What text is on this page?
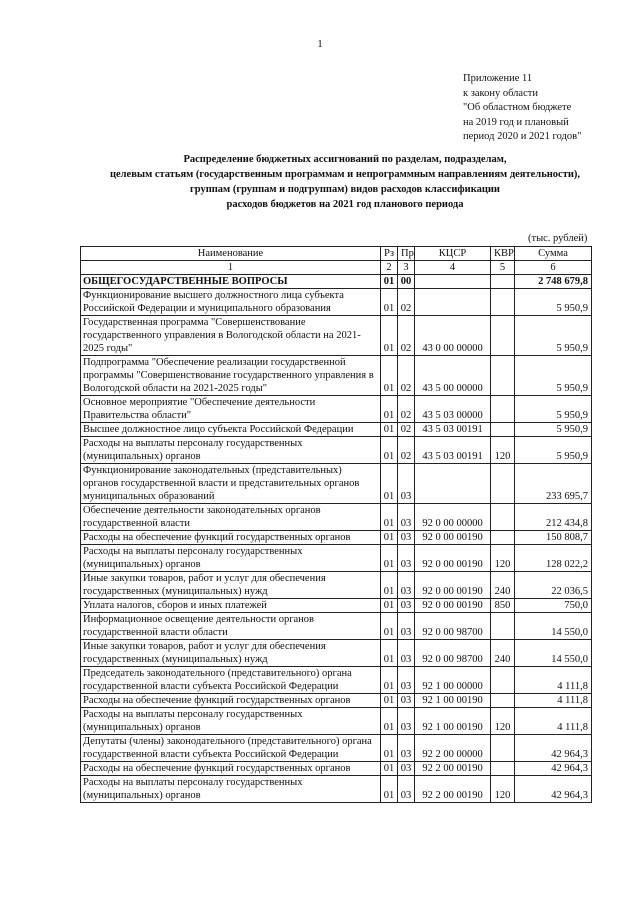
1
Приложение 11
к закону области
"Об областном бюджете
на 2019 год и плановый
период 2020 и 2021 годов"
Распределение бюджетных ассигнований по разделам, подразделам,
целевым статьям (государственным программам и непрограммным направлениям деятельности),
группам (группам и подгруппам) видов расходов классификации
расходов бюджетов на 2021 год планового периода
(тыс. рублей)
Наименование	Рз	Пр	КЦСР	КВР	Сумма
1	2	3	4	5	6
ОБЩЕГОСУДАРСТВЕННЫЕ ВОПРОСЫ	01	00			2 748 679,8
Функционирование высшего должностного лица субъекта Российской Федерации и муниципального образования	01	02			5 950,9
Государственная программа "Совершенствование государственного управления в Вологодской области на 2021-2025 годы"	01	02	43 0 00 00000		5 950,9
Подпрограмма "Обеспечение реализации государственной программы "Совершенствование государственного управления в Вологодской области на 2021-2025 годы"	01	02	43 5 00 00000		5 950,9
Основное мероприятие "Обеспечение деятельности Правительства области"	01	02	43 5 03 00000		5 950,9
Высшее должностное лицо субъекта Российской Федерации	01	02	43 5 03 00191		5 950,9
Расходы на выплаты персоналу государственных (муниципальных) органов	01	02	43 5 03 00191	120	5 950,9
Функционирование законодательных (представительных) органов государственной власти и представительных органов муниципальных образований	01	03			233 695,7
Обеспечение деятельности законодательных органов государственной власти	01	03	92 0 00 00000		212 434,8
Расходы на обеспечение функций государственных органов	01	03	92 0 00 00190		150 808,7
Расходы на выплаты персоналу государственных (муниципальных) органов	01	03	92 0 00 00190	120	128 022,2
Иные закупки товаров, работ и услуг для обеспечения государственных (муниципальных) нужд	01	03	92 0 00 00190	240	22 036,5
Уплата налогов, сборов и иных платежей	01	03	92 0 00 00190	850	750,0
Информационное освещение деятельности органов государственной власти области	01	03	92 0 00 98700		14 550,0
Иные закупки товаров, работ и услуг для обеспечения государственных (муниципальных) нужд	01	03	92 0 00 98700	240	14 550,0
Председатель законодательного (представительного) органа государственной власти субъекта Российской Федерации	01	03	92 1 00 00000		4 111,8
Расходы на обеспечение функций государственных органов	01	03	92 1 00 00190		4 111,8
Расходы на выплаты персоналу государственных (муниципальных) органов	01	03	92 1 00 00190	120	4 111,8
Депутаты (члены) законодательного (представительного) органа государственной власти субъекта Российской Федерации	01	03	92 2 00 00000		42 964,3
Расходы на обеспечение функций государственных органов	01	03	92 2 00 00190		42 964,3
Расходы на выплаты персоналу государственных (муниципальных) органов	01	03	92 2 00 00190	120	42 964,3
